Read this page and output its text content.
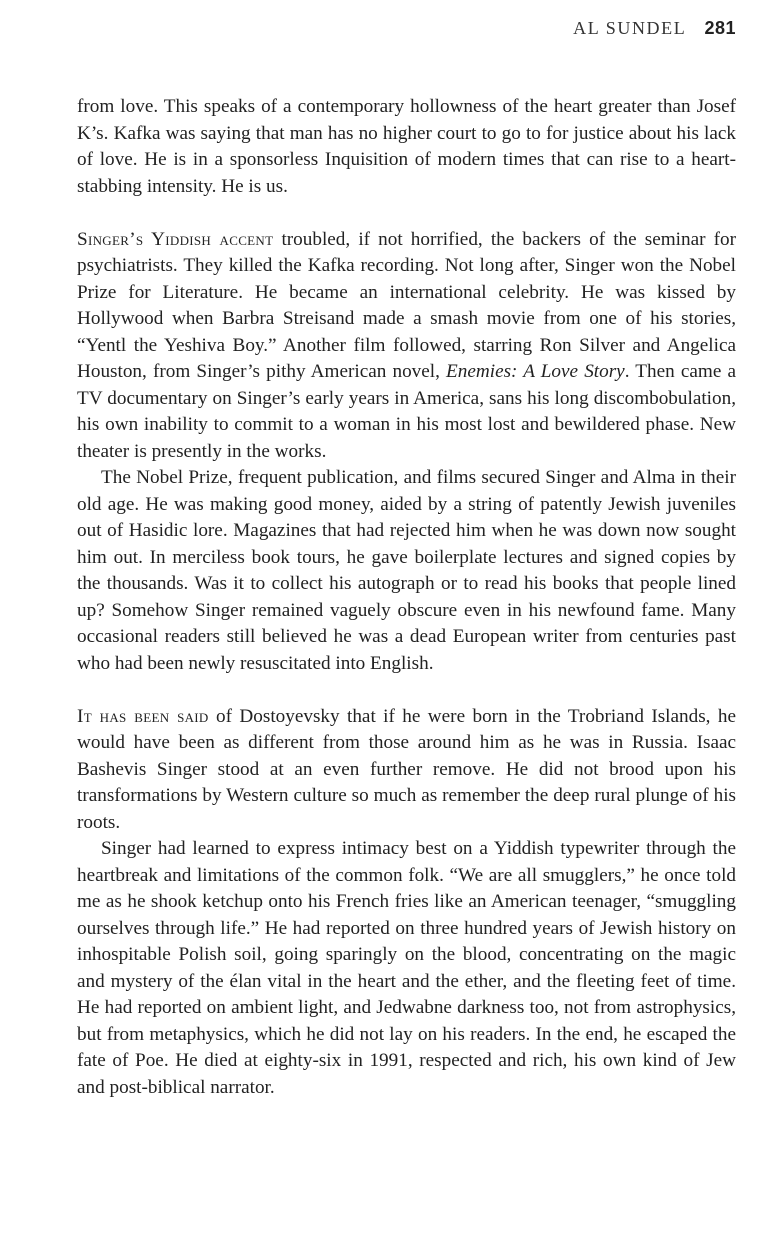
AL SUNDEL 281

from love. This speaks of a contemporary hollowness of the heart greater than Josef K’s. Kafka was saying that man has no higher court to go to for justice about his lack of love. He is in a sponsorless Inquisition of modern times that can rise to a heart-stabbing intensity. He is us.

Singer’s Yiddish accent troubled, if not horrified, the backers of the seminar for psychiatrists. They killed the Kafka recording. Not long after, Singer won the Nobel Prize for Literature. He became an international celebrity. He was kissed by Hollywood when Barbra Streisand made a smash movie from one of his stories, “Yentl the Yeshiva Boy.” Another film followed, starring Ron Silver and Angelica Houston, from Singer’s pithy American novel, Enemies: A Love Story. Then came a TV documentary on Singer’s early years in America, sans his long discombobulation, his own inability to commit to a woman in his most lost and bewildered phase. New theater is presently in the works.

The Nobel Prize, frequent publication, and films secured Singer and Alma in their old age. He was making good money, aided by a string of patently Jewish juveniles out of Hasidic lore. Magazines that had rejected him when he was down now sought him out. In merciless book tours, he gave boilerplate lectures and signed copies by the thousands. Was it to collect his autograph or to read his books that people lined up? Somehow Singer remained vaguely obscure even in his newfound fame. Many occasional readers still believed he was a dead European writer from centuries past who had been newly resuscitated into English.

It has been said of Dostoyevsky that if he were born in the Trobriand Islands, he would have been as different from those around him as he was in Russia. Isaac Bashevis Singer stood at an even further remove. He did not brood upon his transformations by Western culture so much as remember the deep rural plunge of his roots.

Singer had learned to express intimacy best on a Yiddish typewriter through the heartbreak and limitations of the common folk. “We are all smugglers,” he once told me as he shook ketchup onto his French fries like an American teenager, “smuggling ourselves through life.” He had reported on three hundred years of Jewish history on inhospitable Polish soil, going sparingly on the blood, concentrating on the magic and mystery of the élan vital in the heart and the ether, and the fleeting feet of time. He had reported on ambient light, and Jedwabne darkness too, not from astrophysics, but from metaphysics, which he did not lay on his readers. In the end, he escaped the fate of Poe. He died at eighty-six in 1991, respected and rich, his own kind of Jew and post-biblical narrator.
